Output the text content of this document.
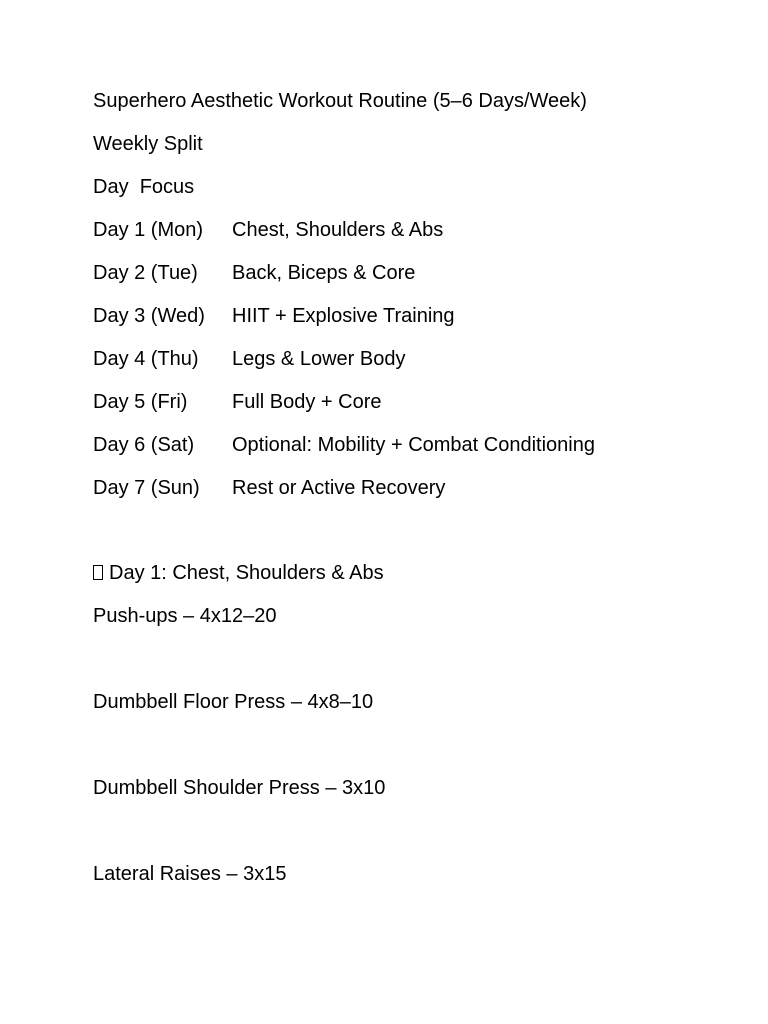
Superhero Aesthetic Workout Routine (5–6 Days/Week)
Weekly Split
Day Focus
Day 1 (Mon) Chest, Shoulders & Abs
Day 2 (Tue) Back, Biceps & Core
Day 3 (Wed) HIIT + Explosive Training
Day 4 (Thu) Legs & Lower Body
Day 5 (Fri) Full Body + Core
Day 6 (Sat) Optional: Mobility + Combat Conditioning
Day 7 (Sun) Rest or Active Recovery
Day 1: Chest, Shoulders & Abs
Push-ups – 4x12–20
Dumbbell Floor Press – 4x8–10
Dumbbell Shoulder Press – 3x10
Lateral Raises – 3x15
